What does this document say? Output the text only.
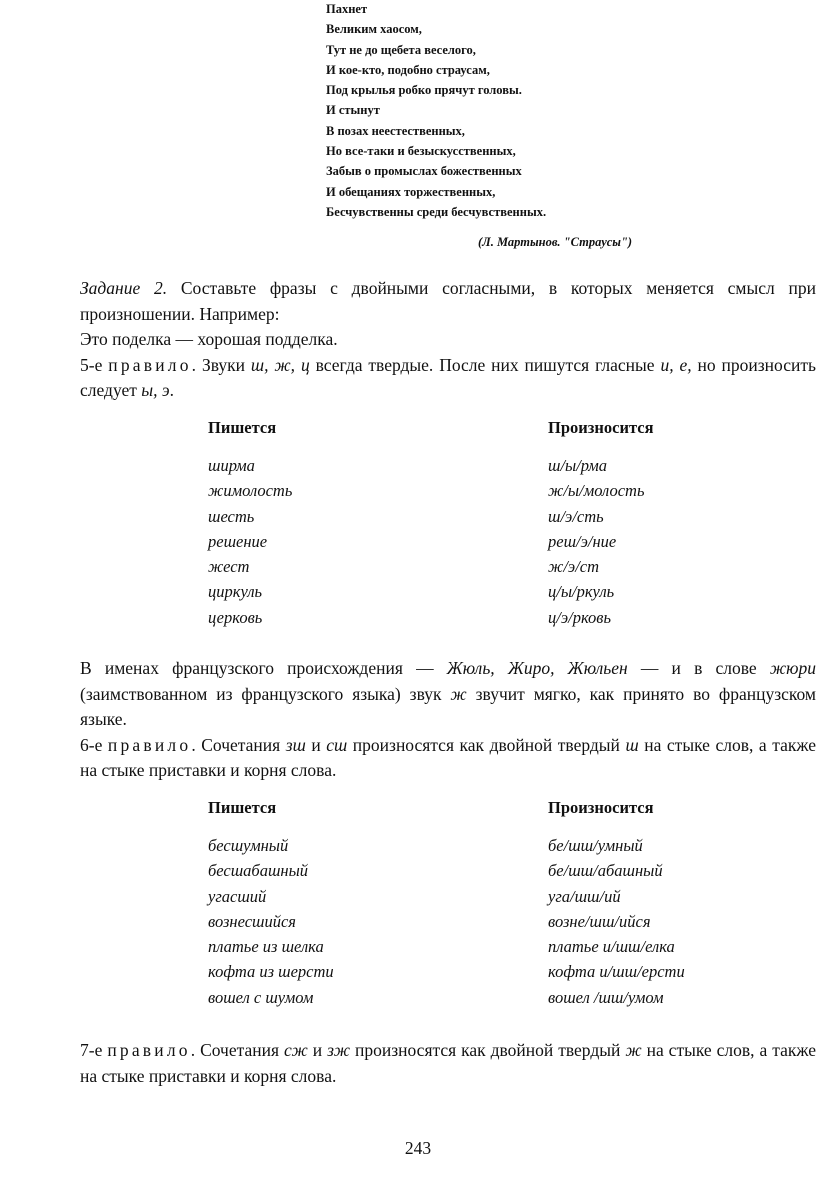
Пахнет
Великим хаосом,
Тут не до щебета веселого,
И кое-кто, подобно страусам,
Под крылья робко прячут головы.
И стынут
В позах неестественных,
Но все-таки и безыскусственных,
Забыв о промыслах божественных
И обещаниях торжественных,
Бесчувственны среди бесчувственных.
(Л. Мартынов. "Страусы")

Задание 2. Составьте фразы с двойными согласными, в которых меняется смысл при произношении. Например:

Это поделка — хорошая подделка.

5-е правило. Звуки ш, ж, ц всегда твердые. После них пишутся гласные и, е, но произносить следует ы, э.

Пишется	Произносится
ширма	ш/ы/рма
жимолость	ж/ы/молость
шесть	ш/э/сть
решение	реш/э/ние
жест	ж/э/ст
циркуль	ц/ы/ркуль
церковь	ц/э/рковь

В именах французского происхождения — Жюль, Жиро, Жюльен — и в слове жюри (заимствованном из французского языка) звук ж звучит мягко, как принято во французском языке.

6-е правило. Сочетания зш и сш произносятся как двойной твердый ш на стыке слов, а также на стыке приставки и корня слова.

Пишется	Произносится
бесшумный	бе/шш/умный
бесшабашный	бе/шш/абашный
угасший	уга/шш/ий
вознесшийся	возне/шш/ийся
платье из шелка	платье и/шш/елка
кофта из шерсти	кофта и/шш/ерсти
вошел с шумом	вошел /шш/умом

7-е правило. Сочетания сж и зж произносятся как двойной твердый ж на стыке слов, а также на стыке приставки и корня слова.

243
